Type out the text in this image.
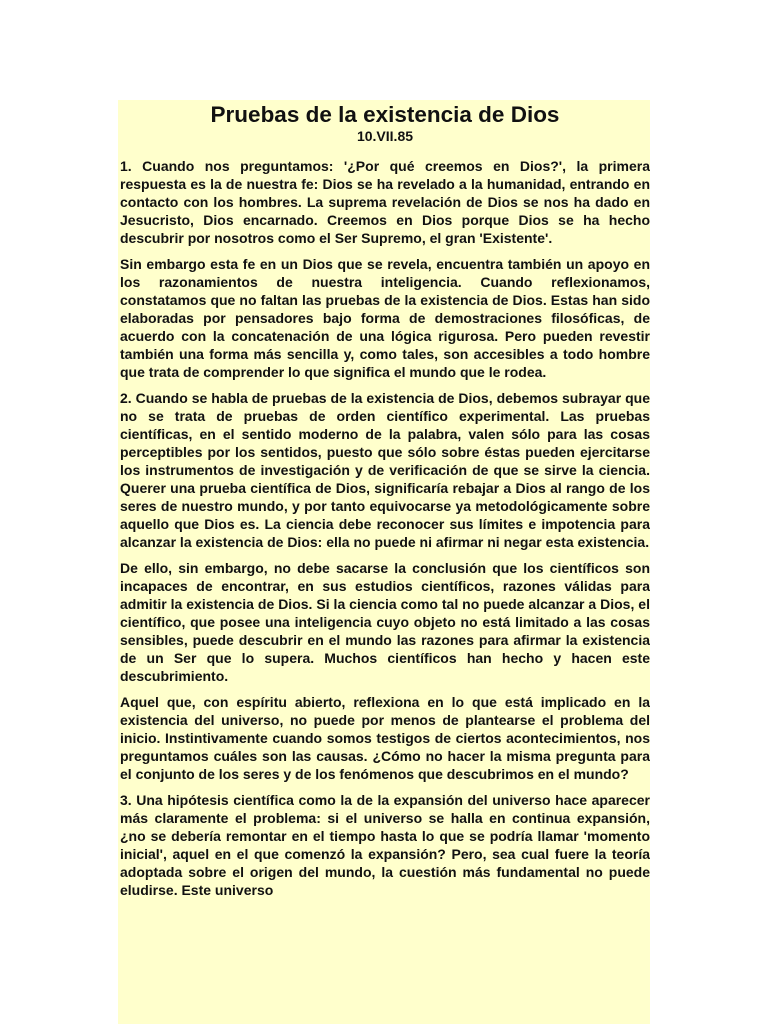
Pruebas de la existencia de Dios
10.VII.85

1. Cuando nos preguntamos: '¿Por qué creemos en Dios?', la primera respuesta es la de nuestra fe: Dios se ha revelado a la humanidad, entrando en contacto con los hombres. La suprema revelación de Dios se nos ha dado en Jesucristo, Dios encarnado. Creemos en Dios porque Dios se ha hecho descubrir por nosotros como el Ser Supremo, el gran 'Existente'.

Sin embargo esta fe en un Dios que se revela, encuentra también un apoyo en los razonamientos de nuestra inteligencia. Cuando reflexionamos, constatamos que no faltan las pruebas de la existencia de Dios. Estas han sido elaboradas por pensadores bajo forma de demostraciones filosóficas, de acuerdo con la concatenación de una lógica rigurosa. Pero pueden revestir también una forma más sencilla y, como tales, son accesibles a todo hombre que trata de comprender lo que significa el mundo que le rodea.

2. Cuando se habla de pruebas de la existencia de Dios, debemos subrayar que no se trata de pruebas de orden científico experimental. Las pruebas científicas, en el sentido moderno de la palabra, valen sólo para las cosas perceptibles por los sentidos, puesto que sólo sobre éstas pueden ejercitarse los instrumentos de investigación y de verificación de que se sirve la ciencia. Querer una prueba científica de Dios, significaría rebajar a Dios al rango de los seres de nuestro mundo, y por tanto equivocarse ya metodológicamente sobre aquello que Dios es. La ciencia debe reconocer sus límites e impotencia para alcanzar la existencia de Dios: ella no puede ni afirmar ni negar esta existencia.

De ello, sin embargo, no debe sacarse la conclusión que los científicos son incapaces de encontrar, en sus estudios científicos, razones válidas para admitir la existencia de Dios. Si la ciencia como tal no puede alcanzar a Dios, el científico, que posee una inteligencia cuyo objeto no está limitado a las cosas sensibles, puede descubrir en el mundo las razones para afirmar la existencia de un Ser que lo supera. Muchos científicos han hecho y hacen este descubrimiento.

Aquel que, con espíritu abierto, reflexiona en lo que está implicado en la existencia del universo, no puede por menos de plantearse el problema del inicio. Instintivamente cuando somos testigos de ciertos acontecimientos, nos preguntamos cuáles son las causas. ¿Cómo no hacer la misma pregunta para el conjunto de los seres y de los fenómenos que descubrimos en el mundo?

3. Una hipótesis científica como la de la expansión del universo hace aparecer más claramente el problema: si el universo se halla en continua expansión, ¿no se debería remontar en el tiempo hasta lo que se podría llamar 'momento inicial', aquel en el que comenzó la expansión? Pero, sea cual fuere la teoría adoptada sobre el origen del mundo, la cuestión más fundamental no puede eludirse. Este universo
